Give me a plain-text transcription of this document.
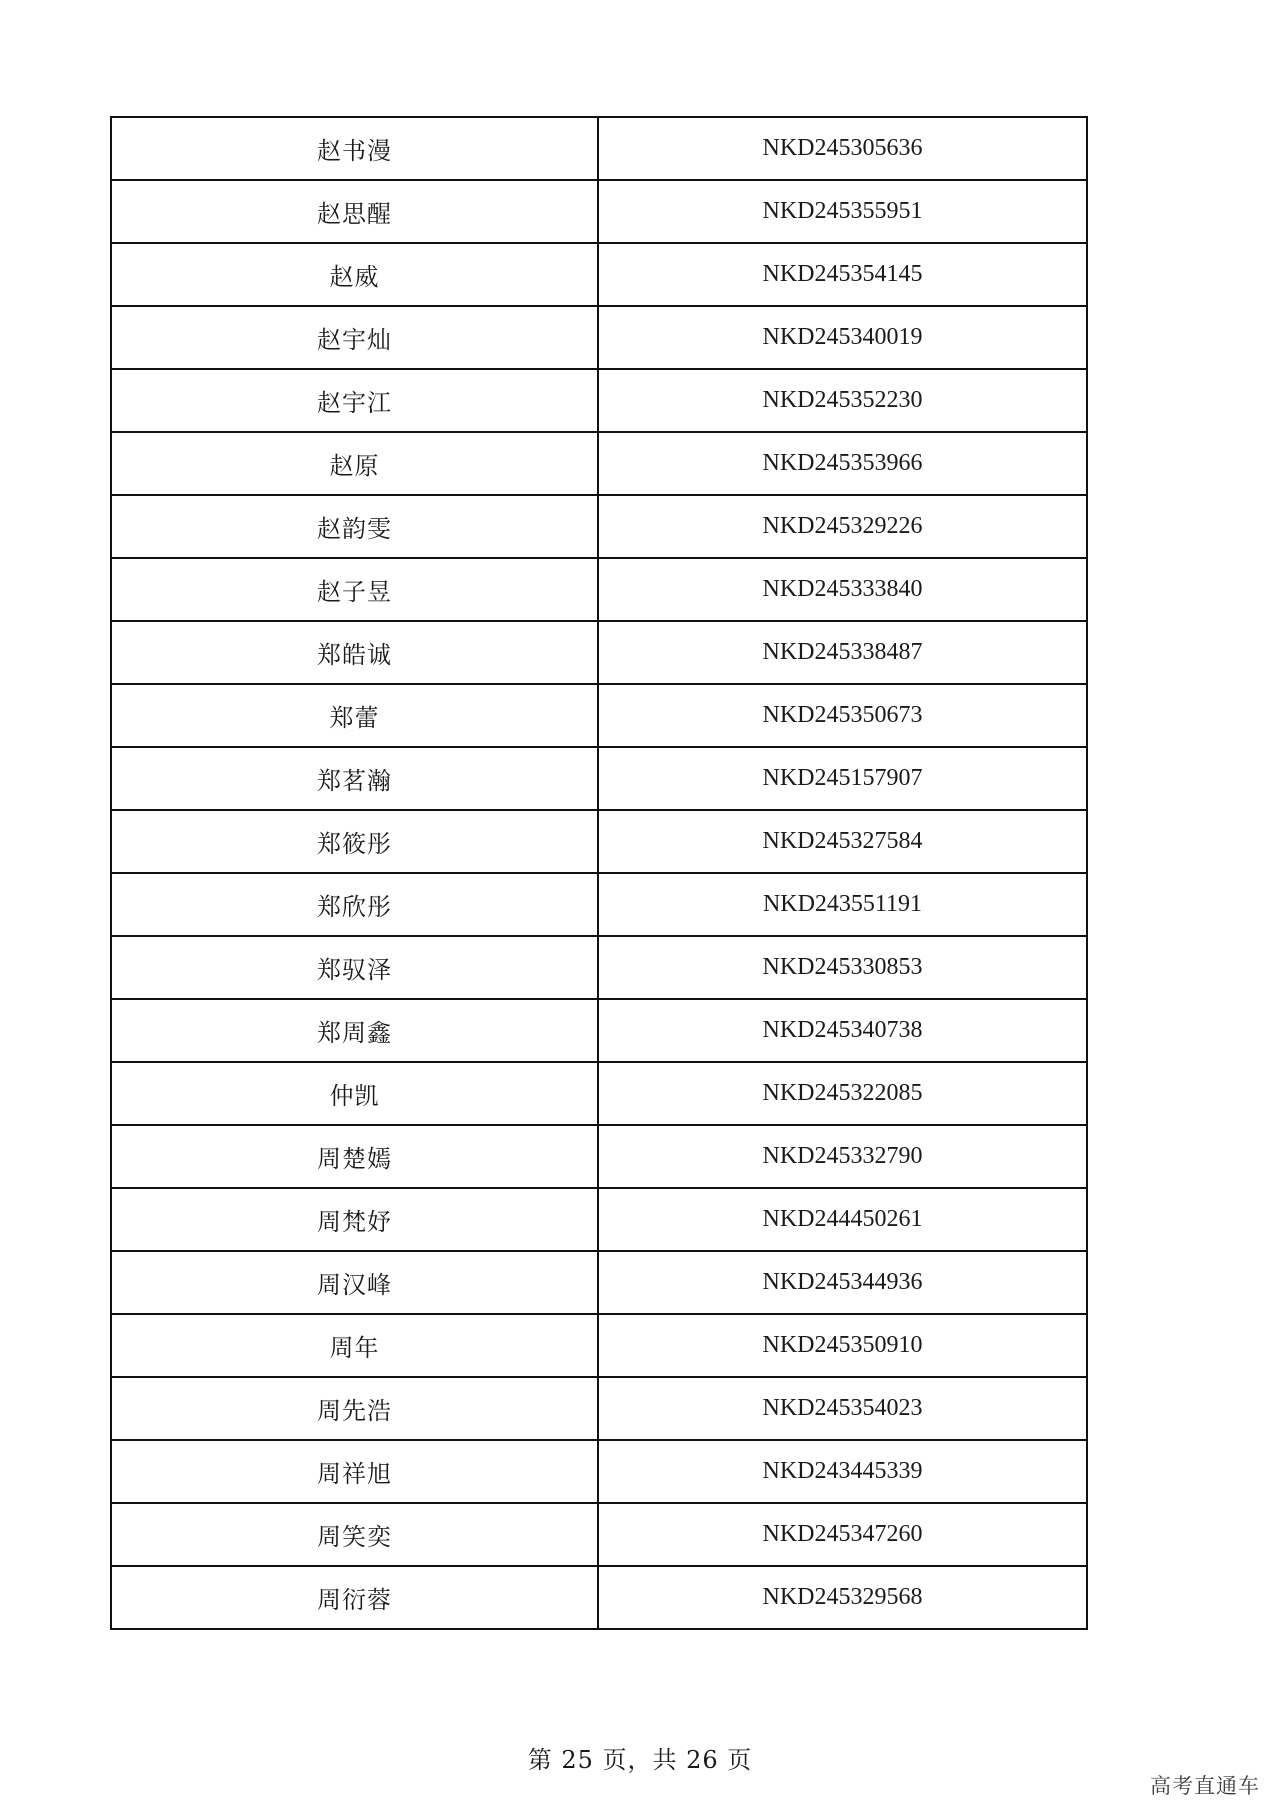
赵书漫	NKD245305636
赵思醒	NKD245355951
赵威	NKD245354145
赵宇灿	NKD245340019
赵宇江	NKD245352230
赵原	NKD245353966
赵韵雯	NKD245329226
赵子昱	NKD245333840
郑皓诚	NKD245338487
郑蕾	NKD245350673
郑茗瀚	NKD245157907
郑筱彤	NKD245327584
郑欣彤	NKD243551191
郑驭泽	NKD245330853
郑周鑫	NKD245340738
仲凯	NKD245322085
周楚嫣	NKD245332790
周梵妤	NKD244450261
周汉峰	NKD245344936
周年	NKD245350910
周先浩	NKD245354023
周祥旭	NKD243445339
周笑奕	NKD245347260
周衍蓉	NKD245329568
第 25 页，共 26 页
高考直通车
